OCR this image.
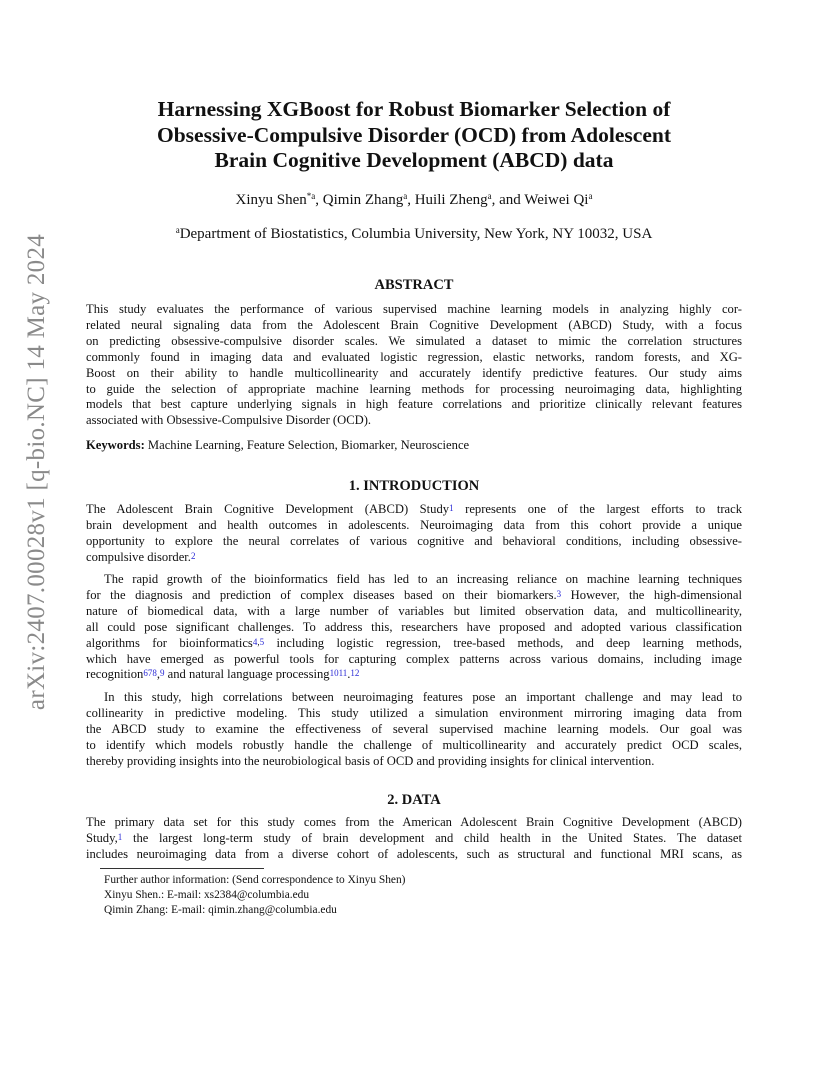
arXiv:2407.00028v1 [q-bio.NC] 14 May 2024
Harnessing XGBoost for Robust Biomarker Selection of
Obsessive-Compulsive Disorder (OCD) from Adolescent
Brain Cognitive Development (ABCD) data
Xinyu Shen$^{*a}$, Qimin Zhang$^a$, Huili Zheng$^a$, and Weiwei Qi$^a$
$^a$Department of Biostatistics, Columbia University, New York, NY 10032, USA
ABSTRACT
This study evaluates the performance of various supervised machine learning models in analyzing highly cor-
related neural signaling data from the Adolescent Brain Cognitive Development (ABCD) Study, with a focus
on predicting obsessive-compulsive disorder scales. We simulated a dataset to mimic the correlation structures
commonly found in imaging data and evaluated logistic regression, elastic networks, random forests, and XG-
Boost on their ability to handle multicollinearity and accurately identify predictive features. Our study aims
to guide the selection of appropriate machine learning methods for processing neuroimaging data, highlighting
models that best capture underlying signals in high feature correlations and prioritize clinically relevant features
associated with Obsessive-Compulsive Disorder (OCD).
Keywords: Machine Learning, Feature Selection, Biomarker, Neuroscience
1. INTRODUCTION
The Adolescent Brain Cognitive Development (ABCD) Study$^1$ represents one of the largest efforts to track
brain development and health outcomes in adolescents. Neuroimaging data from this cohort provide a unique
opportunity to explore the neural correlates of various cognitive and behavioral conditions, including obsessive-
compulsive disorder.$^2$
The rapid growth of the bioinformatics field has led to an increasing reliance on machine learning techniques
for the diagnosis and prediction of complex diseases based on their biomarkers.$^3$ However, the high-dimensional
nature of biomedical data, with a large number of variables but limited observation data, and multicollinearity,
all could pose significant challenges. To address this, researchers have proposed and adopted various classification
algorithms for bioinformatics$^{4,5}$ including logistic regression, tree-based methods, and deep learning methods,
which have emerged as powerful tools for capturing complex patterns across various domains, including image
recognition$^{678}$,$^9$ and natural language processing$^{1011}$.$^{12}$
In this study, high correlations between neuroimaging features pose an important challenge and may lead to
collinearity in predictive modeling. This study utilized a simulation environment mirroring imaging data from
the ABCD study to examine the effectiveness of several supervised machine learning models. Our goal was
to identify which models robustly handle the challenge of multicollinearity and accurately predict OCD scales,
thereby providing insights into the neurobiological basis of OCD and providing insights for clinical intervention.
2. DATA
The primary data set for this study comes from the American Adolescent Brain Cognitive Development (ABCD)
Study,$^1$ the largest long-term study of brain development and child health in the United States. The dataset
includes neuroimaging data from a diverse cohort of adolescents, such as structural and functional MRI scans, as
Further author information: (Send correspondence to Xinyu Shen)
Xinyu Shen.: E-mail: xs2384@columbia.edu
Qimin Zhang: E-mail: qimin.zhang@columbia.edu
